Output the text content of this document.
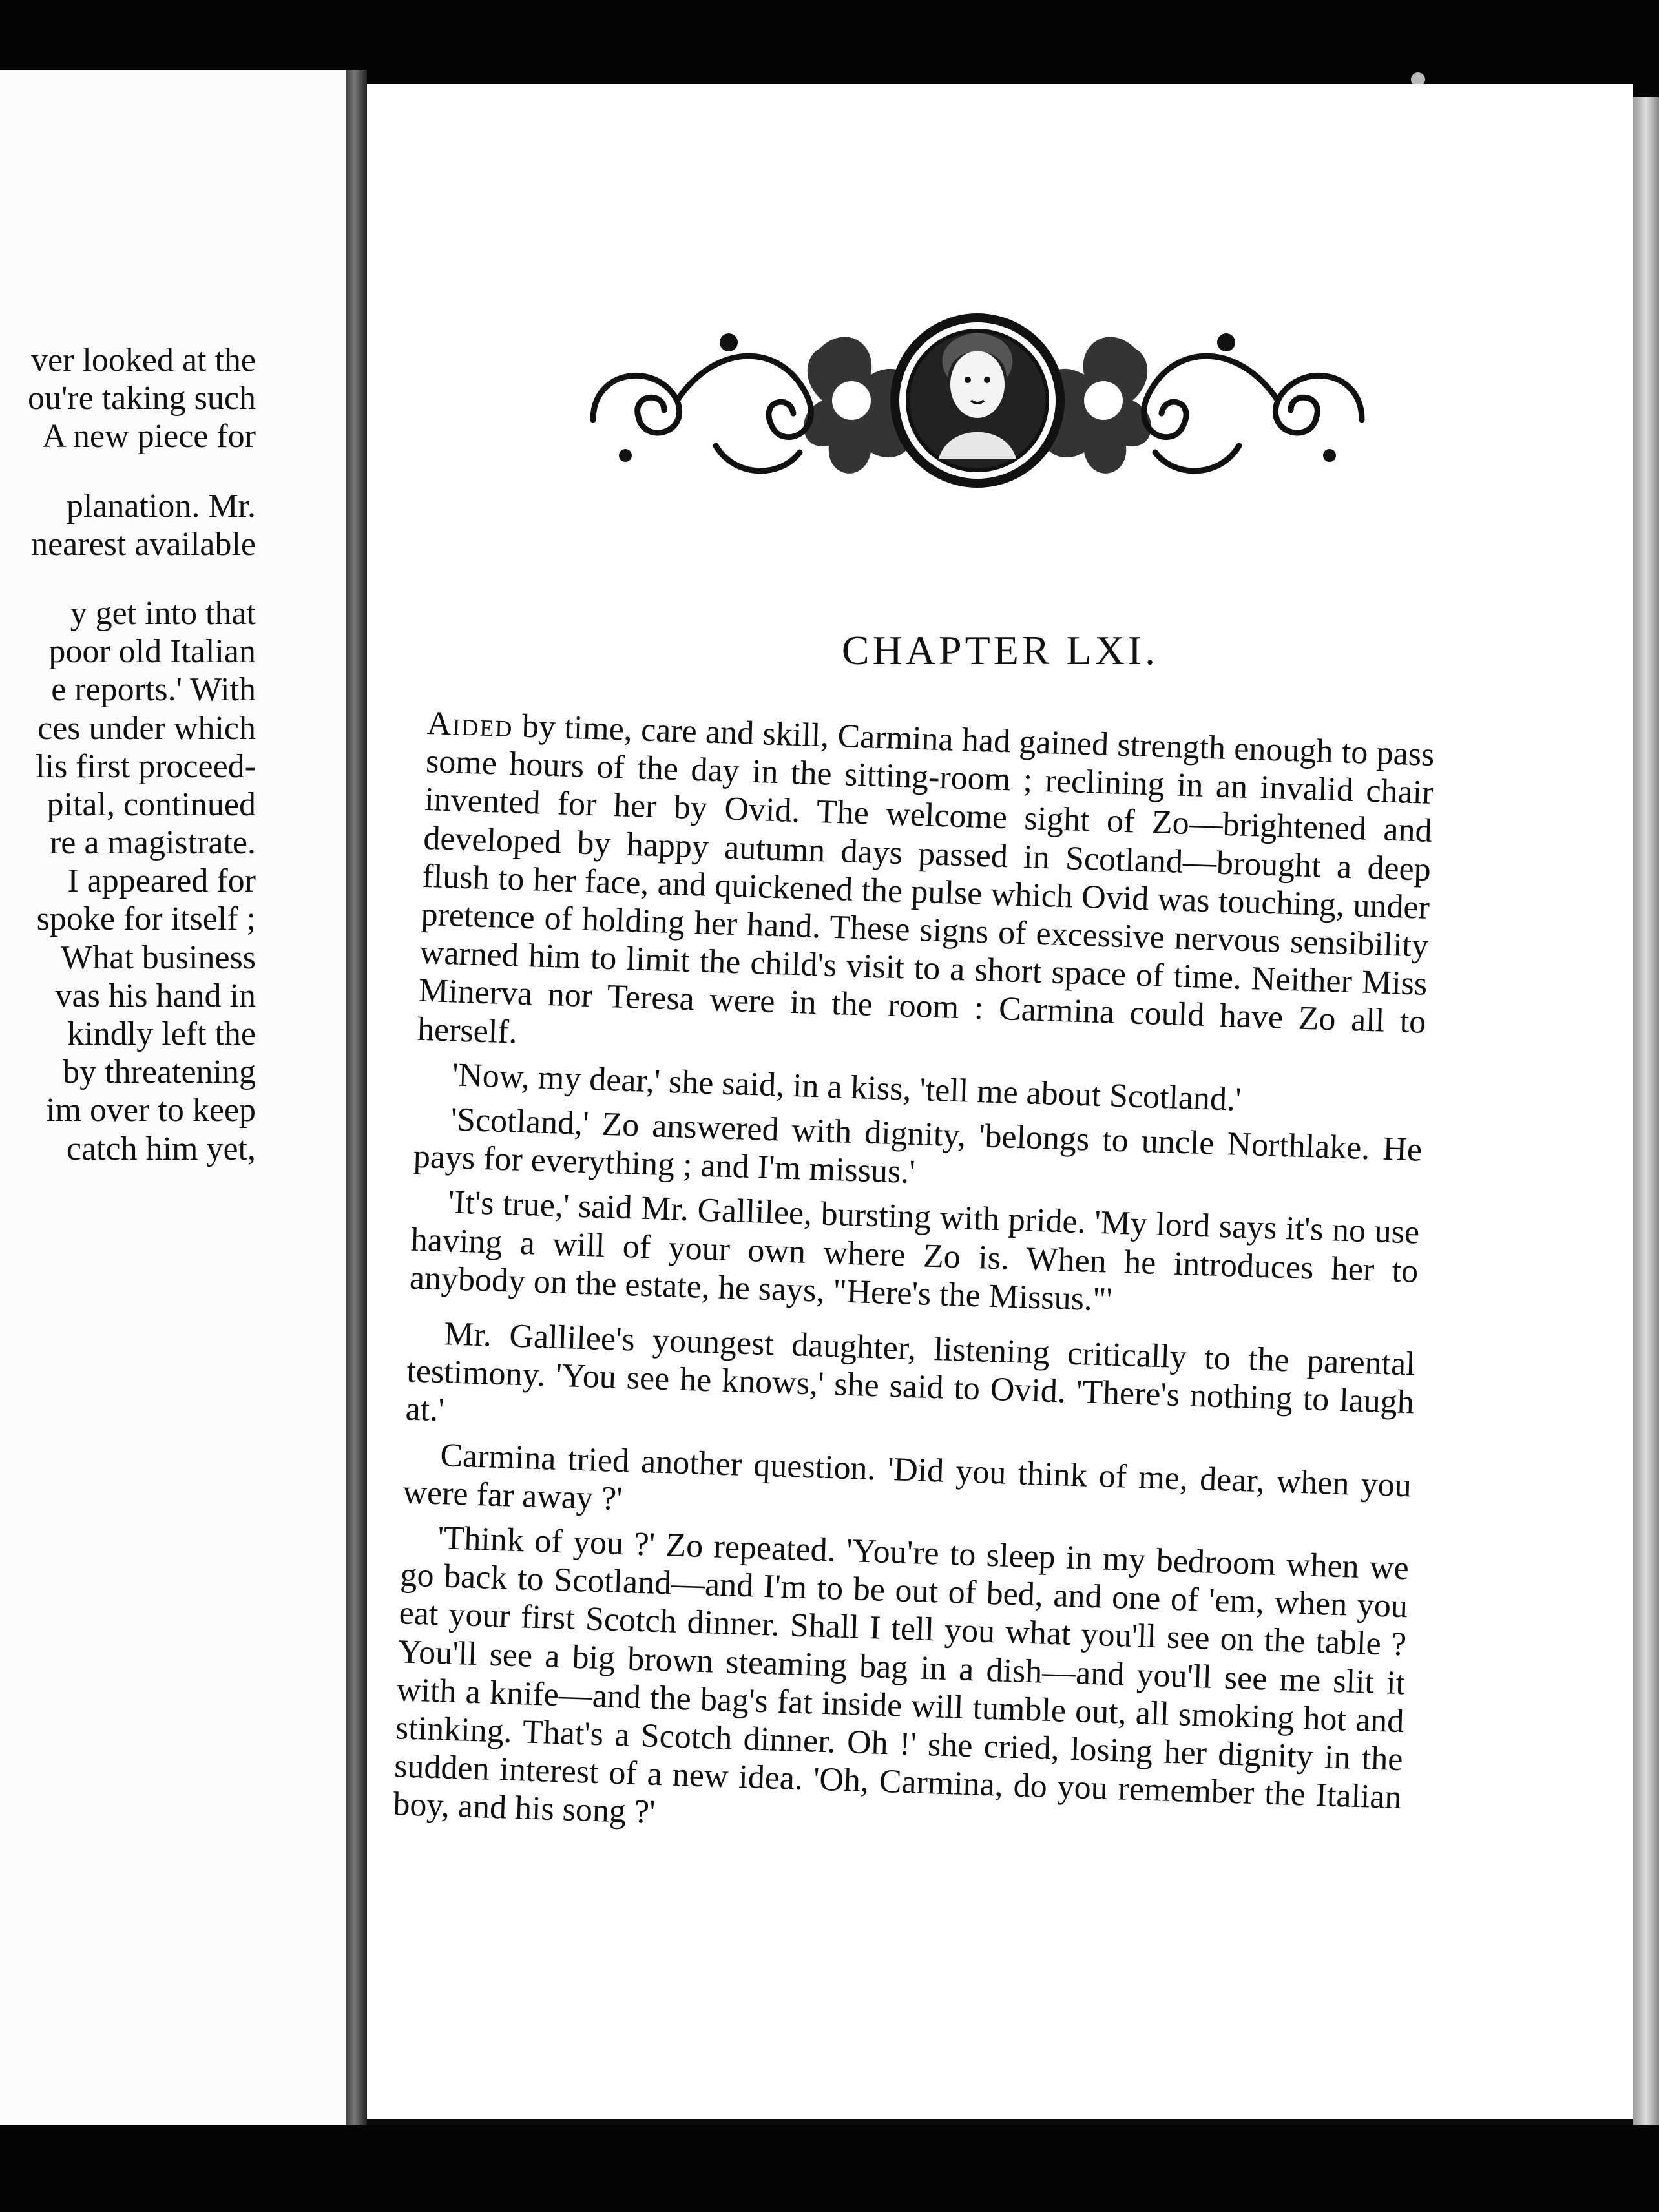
ver looked at the
ou're taking such
A new piece for
planation. Mr.
nearest available
y get into that
poor old Italian
e reports.' With
ces under which
lis first proceed-
pital, continued
re a magistrate.
I appeared for
spoke for itself ;
What business
vas his hand in
kindly left the
by threatening
im over to keep
catch him yet,
CHAPTER LXI.

Aided by time, care and skill, Carmina had gained strength enough to pass some hours of the day in the sitting-room ; reclining in an invalid chair invented for her by Ovid. The welcome sight of Zo—brightened and developed by happy autumn days passed in Scotland—brought a deep flush to her face, and quickened the pulse which Ovid was touching, under pretence of holding her hand. These signs of excessive nervous sensibility warned him to limit the child's visit to a short space of time. Neither Miss Minerva nor Teresa were in the room : Carmina could have Zo all to herself.

'Now, my dear,' she said, in a kiss, 'tell me about Scotland.'

'Scotland,' Zo answered with dignity, 'belongs to uncle Northlake. He pays for everything ; and I'm missus.'

'It's true,' said Mr. Gallilee, bursting with pride. 'My lord says it's no use having a will of your own where Zo is. When he introduces her to anybody on the estate, he says, "Here's the Missus."'

Mr. Gallilee's youngest daughter, listening critically to the parental testimony. 'You see he knows,' she said to Ovid. 'There's nothing to laugh at.'

Carmina tried another question. 'Did you think of me, dear, when you were far away ?'

'Think of you ?' Zo repeated. 'You're to sleep in my bedroom when we go back to Scotland—and I'm to be out of bed, and one of 'em, when you eat your first Scotch dinner. Shall I tell you what you'll see on the table ? You'll see a big brown steaming bag in a dish—and you'll see me slit it with a knife—and the bag's fat inside will tumble out, all smoking hot and stinking. That's a Scotch dinner. Oh !' she cried, losing her dignity in the sudden interest of a new idea. 'Oh, Carmina, do you remember the Italian boy, and his song ?'
